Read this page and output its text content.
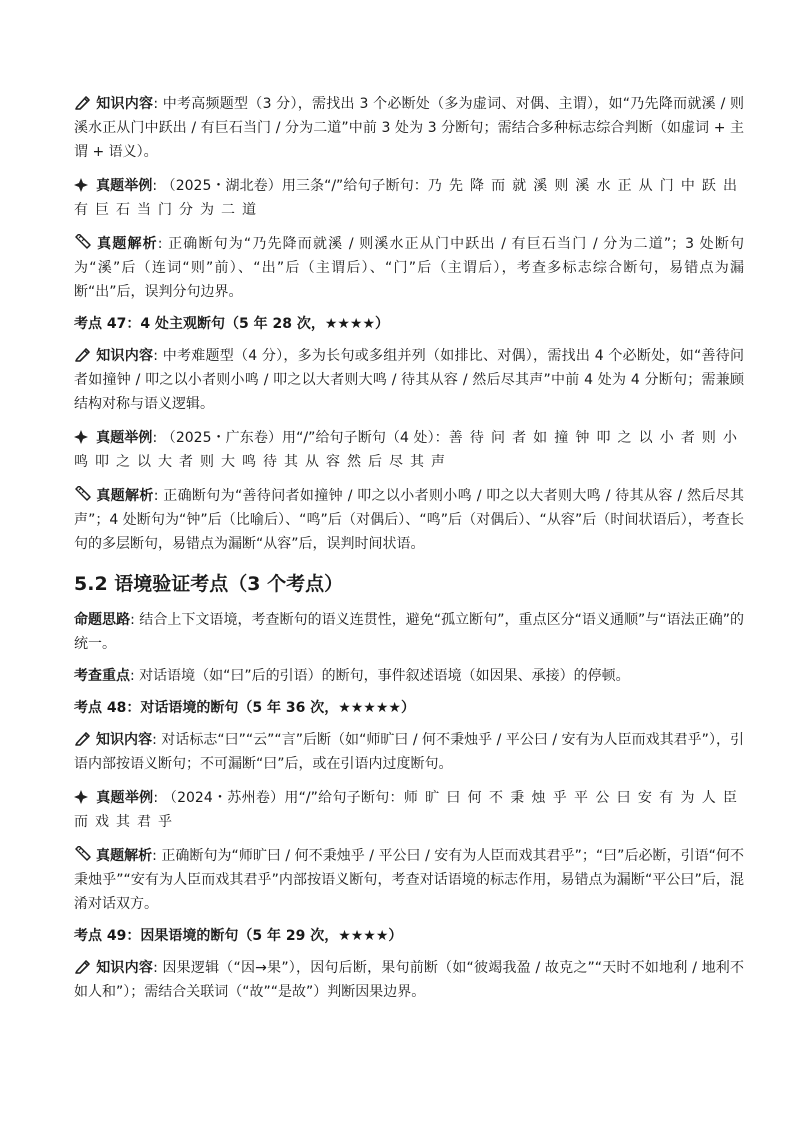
知识内容: 中考高频题型（3 分），需找出 3 个必断处（多为虚词、对偶、主谓），如“乃先降而就溪 / 则溪水正从门中跃出 / 有巨石当门 / 分为二道”中前 3 处为 3 分断句；需结合多种标志综合判断（如虚词 + 主谓 + 语义）。

真题举例: （2025・湖北卷）用三条“/”给句子断句：乃先降而就溪则溪水正从门中跃出有巨石当门分为二道

真题解析: 正确断句为“乃先降而就溪 / 则溪水正从门中跃出 / 有巨石当门 / 分为二道”；3 处断句为“溪”后（连词“则”前）、“出”后（主谓后）、“门”后（主谓后），考查多标志综合断句，易错点为漏断“出”后，误判分句边界。

考点 47：4 处主观断句（5 年 28 次，★★★★）

知识内容: 中考难题型（4 分），多为长句或多组并列（如排比、对偶），需找出 4 个必断处，如“善待问者如撞钟 / 叩之以小者则小鸣 / 叩之以大者则大鸣 / 待其从容 / 然后尽其声”中前 4 处为 4 分断句；需兼顾结构对称与语义逻辑。

真题举例: （2025・广东卷）用“/”给句子断句（4 处）：善待问者如撞钟叩之以小者则小鸣叩之以大者则大鸣待其从容然后尽其声

真题解析: 正确断句为“善待问者如撞钟 / 叩之以小者则小鸣 / 叩之以大者则大鸣 / 待其从容 / 然后尽其声”；4 处断句为“钟”后（比喻后）、“鸣”后（对偶后）、“鸣”后（对偶后）、“从容”后（时间状语后），考查长句的多层断句，易错点为漏断“从容”后，误判时间状语。

5.2 语境验证考点（3 个考点）

命题思路: 结合上下文语境，考查断句的语义连贯性，避免“孤立断句”，重点区分“语义通顺”与“语法正确”的统一。

考查重点: 对话语境（如“曰”后的引语）的断句，事件叙述语境（如因果、承接）的停顿。

考点 48：对话语境的断句（5 年 36 次，★★★★★）

知识内容: 对话标志“曰”“云”“言”后断（如“师旷曰 / 何不秉烛乎 / 平公曰 / 安有为人臣而戏其君乎”），引语内部按语义断句；不可漏断“曰”后，或在引语内过度断句。

真题举例: （2024・苏州卷）用“/”给句子断句：师旷曰何不秉烛乎平公曰安有为人臣而戏其君乎

真题解析: 正确断句为“师旷曰 / 何不秉烛乎 / 平公曰 / 安有为人臣而戏其君乎”；“曰”后必断，引语“何不秉烛乎”“安有为人臣而戏其君乎”内部按语义断句，考查对话语境的标志作用，易错点为漏断“平公曰”后，混淆对话双方。

考点 49：因果语境的断句（5 年 29 次，★★★★）

知识内容: 因果逻辑（“因→果”），因句后断，果句前断（如“彼竭我盈 / 故克之”“天时不如地利 / 地利不如人和”）；需结合关联词（“故”“是故”）判断因果边界。
